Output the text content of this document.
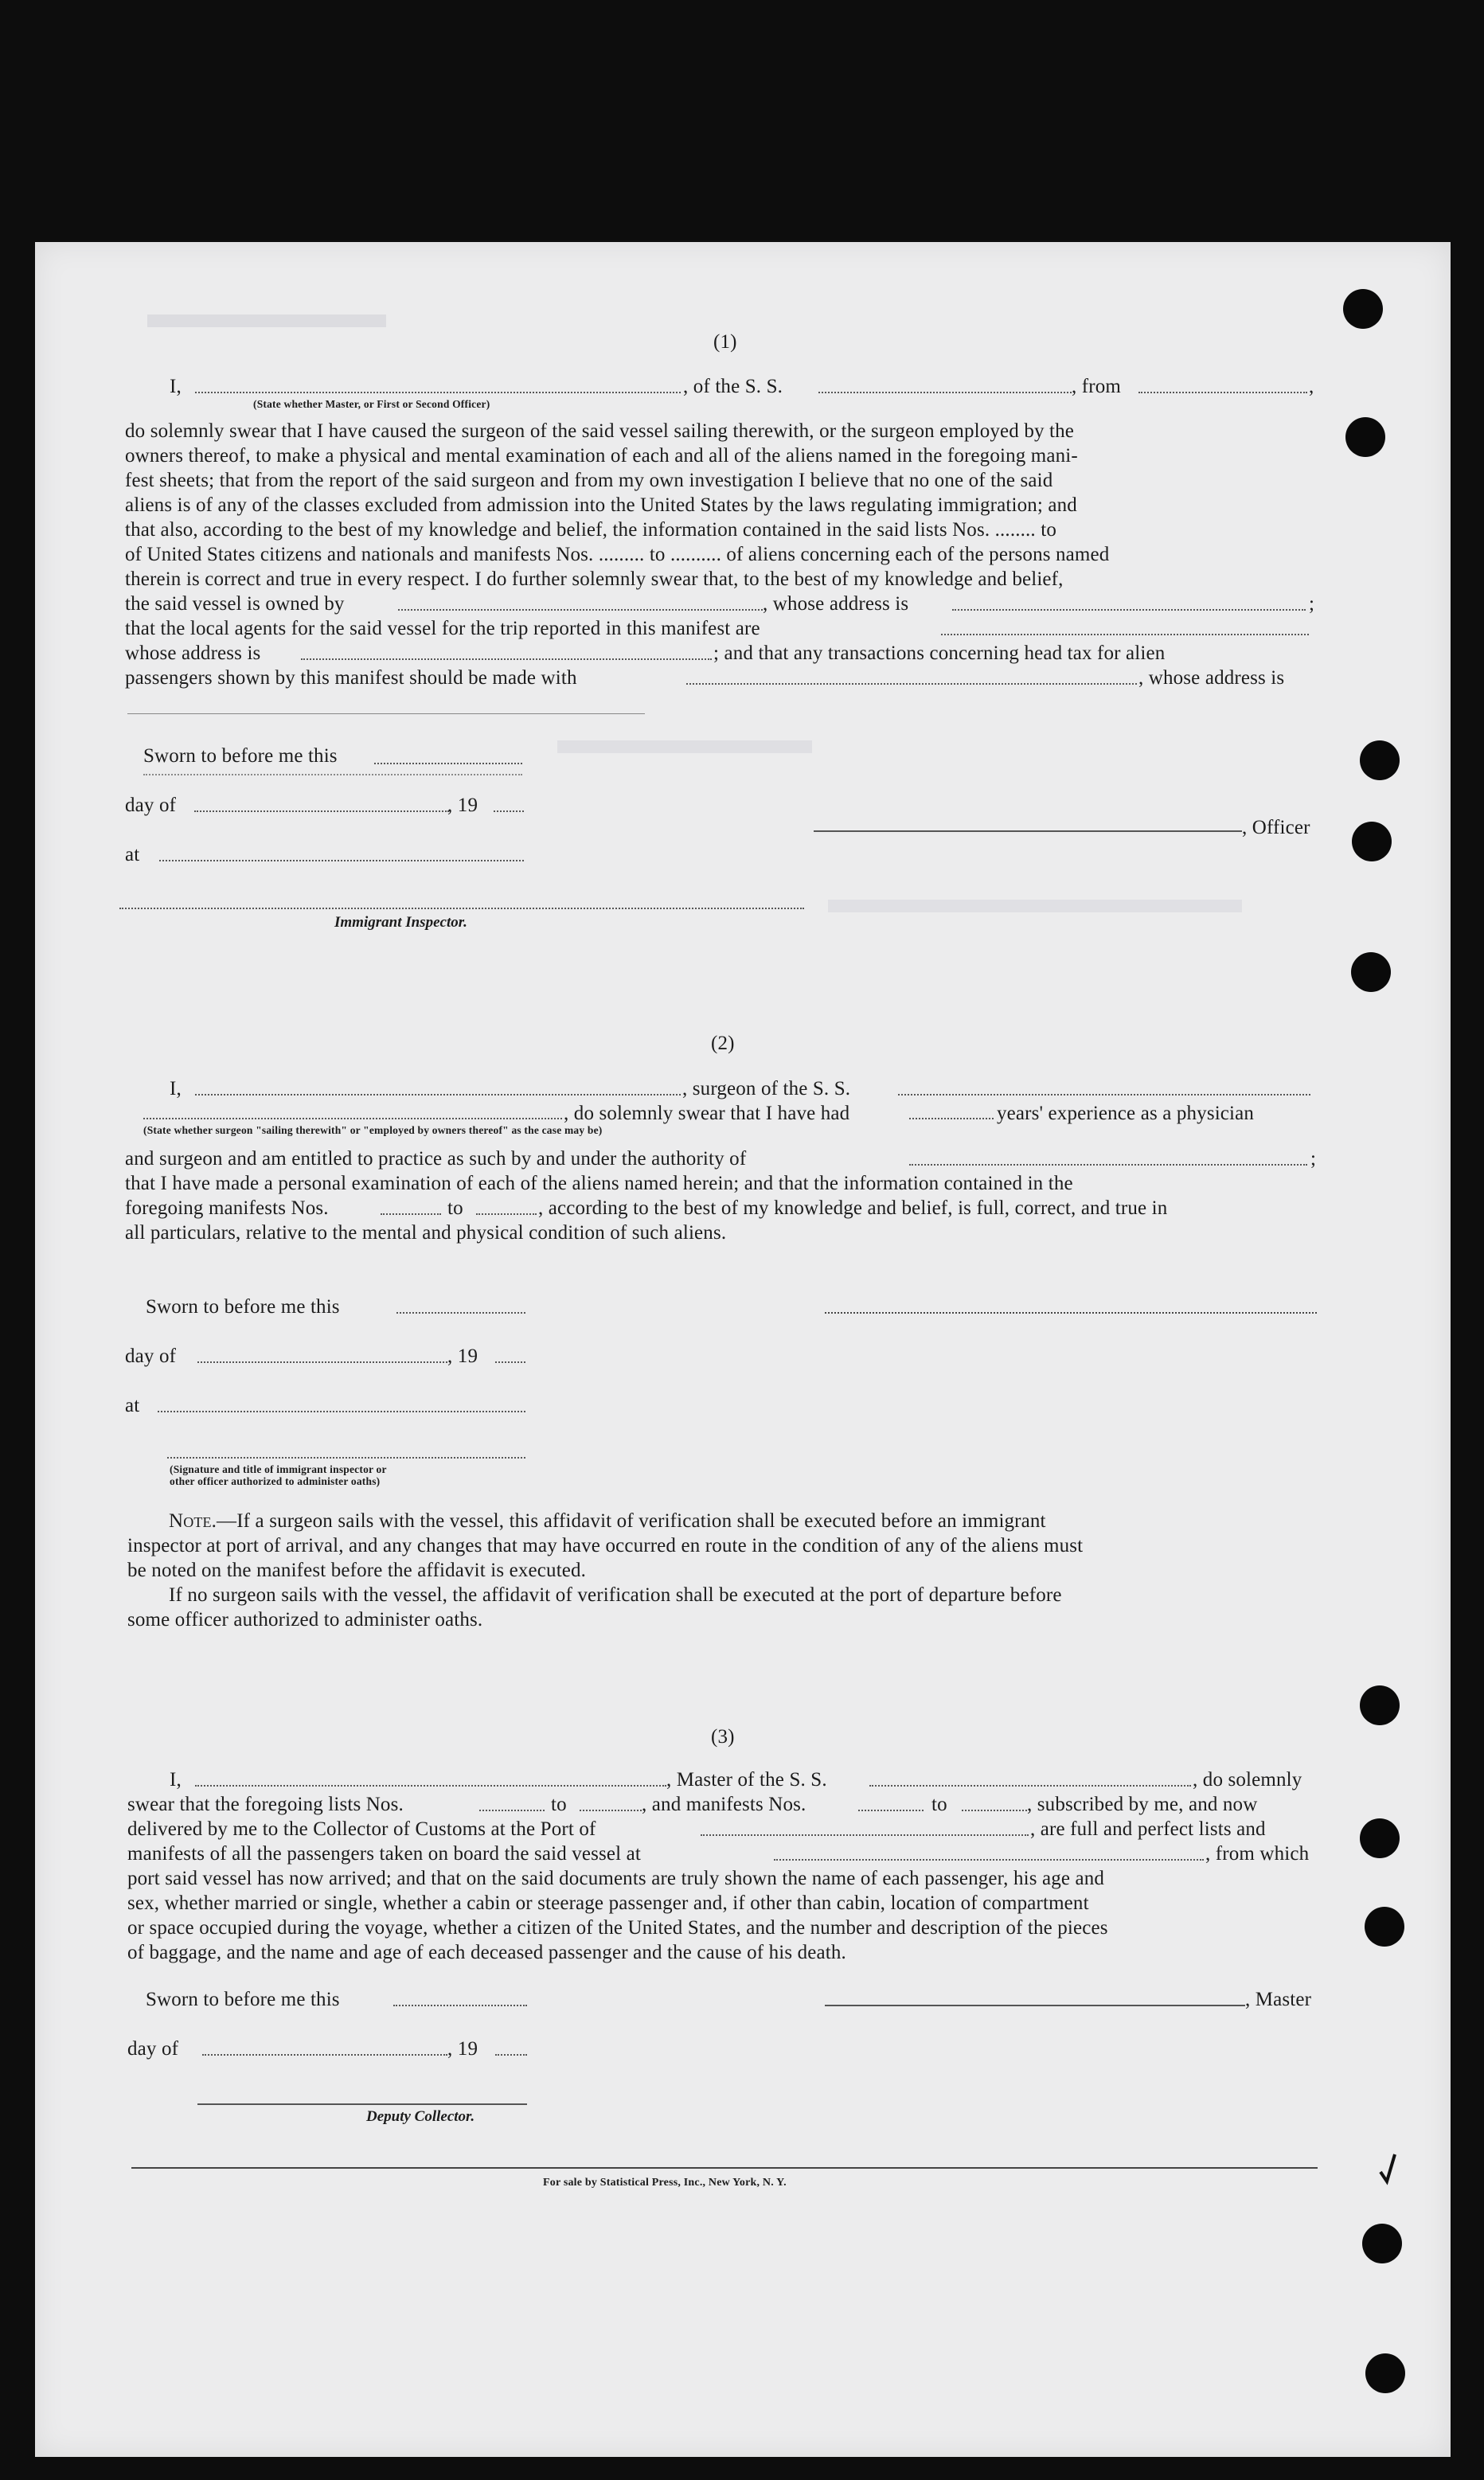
(1)
I,	, of the S. S.	, from	,
(State whether Master, or First or Second Officer)
do solemnly swear that I have caused the surgeon of the said vessel sailing therewith, or the surgeon employed by the
owners thereof, to make a physical and mental examination of each and all of the aliens named in the foregoing mani-
fest sheets; that from the report of the said surgeon and from my own investigation I believe that no one of the said
aliens is of any of the classes excluded from admission into the United States by the laws regulating immigration; and
that also, according to the best of my knowledge and belief, the information contained in the said lists Nos. ........ to
of United States citizens and nationals and manifests Nos. ......... to .......... of aliens concerning each of the persons named
therein is correct and true in every respect. I do further solemnly swear that, to the best of my knowledge and belief,
the said vessel is owned by	, whose address is	;
that the local agents for the said vessel for the trip reported in this manifest are
whose address is	; and that any transactions concerning head tax for alien
passengers shown by this manifest should be made with	, whose address is
Sworn to before me this
day of	, 19
, Officer
at
Immigrant Inspector.
(2)
I,	, surgeon of the S. S.
, do solemnly swear that I have had	years' experience as a physician
(State whether surgeon "sailing therewith" or "employed by owners thereof" as the case may be)
and surgeon and am entitled to practice as such by and under the authority of	;
that I have made a personal examination of each of the aliens named herein; and that the information contained in the
foregoing manifests Nos.	to	, according to the best of my knowledge and belief, is full, correct, and true in
all particulars, relative to the mental and physical condition of such aliens.
Sworn to before me this
day of	, 19
at
(Signature and title of immigrant inspector or
other officer authorized to administer oaths)
Note.—If a surgeon sails with the vessel, this affidavit of verification shall be executed before an immigrant
inspector at port of arrival, and any changes that may have occurred en route in the condition of any of the aliens must
be noted on the manifest before the affidavit is executed.
If no surgeon sails with the vessel, the affidavit of verification shall be executed at the port of departure before
some officer authorized to administer oaths.
(3)
I,	, Master of the S. S.	, do solemnly
swear that the foregoing lists Nos.	to	, and manifests Nos.	to	, subscribed by me, and now
delivered by me to the Collector of Customs at the Port of	, are full and perfect lists and
manifests of all the passengers taken on board the said vessel at	, from which
port said vessel has now arrived; and that on the said documents are truly shown the name of each passenger, his age and
sex, whether married or single, whether a cabin or steerage passenger and, if other than cabin, location of compartment
or space occupied during the voyage, whether a citizen of the United States, and the number and description of the pieces
of baggage, and the name and age of each deceased passenger and the cause of his death.
Sworn to before me this	, Master
day of	, 19
Deputy Collector.
For sale by Statistical Press, Inc., New York, N. Y.
